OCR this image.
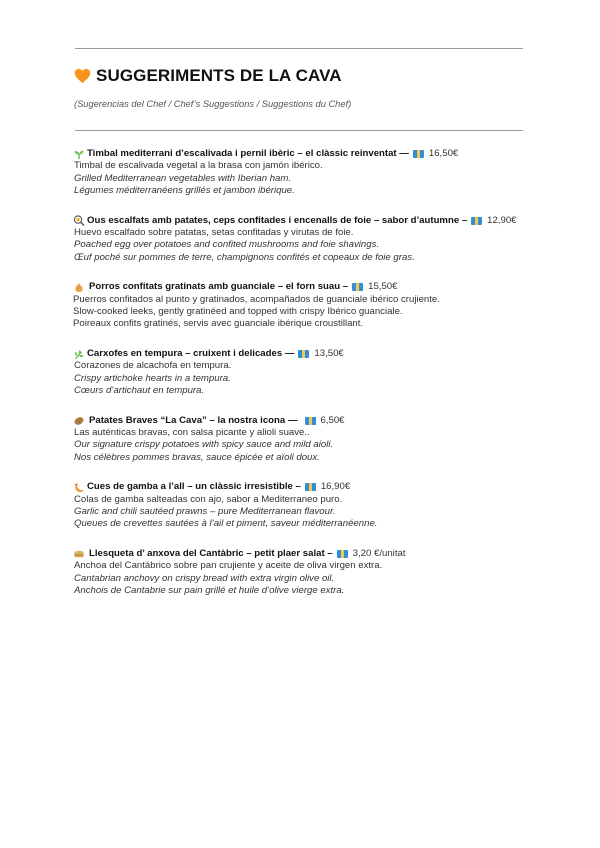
SUGGERIMENTS DE LA CAVA
(Sugerencias del Chef / Chef’s Suggestions / Suggestions du Chef)
Timbal mediterrani d’escalivada i pernil ibèric – el clàssic reinventat — 16,50€
Timbal de escalivada vegetal a la brasa con jamón ibérico.
Grilled Mediterranean vegetables with Iberian ham.
Légumes méditerranéens grillés et jambon ibérique.
Ous escalfats amb patates, ceps confitades i encenalls de foie – sabor d’autumne – 12,90€
Huevo escalfado sobre patatas, setas confitadas y virutas de foie.
Poached egg over potatoes and confited mushrooms and foie shavings.
Œuf poché sur pommes de terre, champignons confités et copeaux de foie gras.
Porros confitats gratinats amb guanciale – el forn suau – 15,50€
Puerros confitados al punto y gratinados, acompañados de guanciale ibérico crujiente.
Slow-cooked leeks, gently gratinéed and topped with crispy Ibérico guanciale.
Poireaux confits gratinés, servis avec guanciale ibérique croustillant.
Carxofes en tempura – cruixent i delicades — 13,50€
Corazones de alcachofa en tempura.
Crispy artichoke hearts in a tempura.
Cœurs d’artichaut en tempura.
Patates Braves “La Cava” – la nostra icona — 6,50€
Las auténticas bravas, con salsa picante y alioli suave..
Our signature crispy potatoes with spicy sauce and mild aioli.
Nos célèbres pommes bravas, sauce épicée et aïoli doux.
Cues de gamba a l’all – un clàssic irresistible – 16,90€
Colas de gamba salteadas con ajo, sabor a Mediterraneo puro.
Garlic and chili sautéed prawns – pure Mediterranean flavour.
Queues de crevettes sautées à l’ail et piment, saveur méditerranéenne.
Llesqueta d’ anxova del Cantàbric – petit plaer salat – 3,20 €/unitat
Anchoa del Cantábrico sobre pan crujiente y aceite de oliva virgen extra.
Cantabrian anchovy on crispy bread with extra virgin olive oil.
Anchois de Cantabrie sur pain grillé et huile d’olive vierge extra.
